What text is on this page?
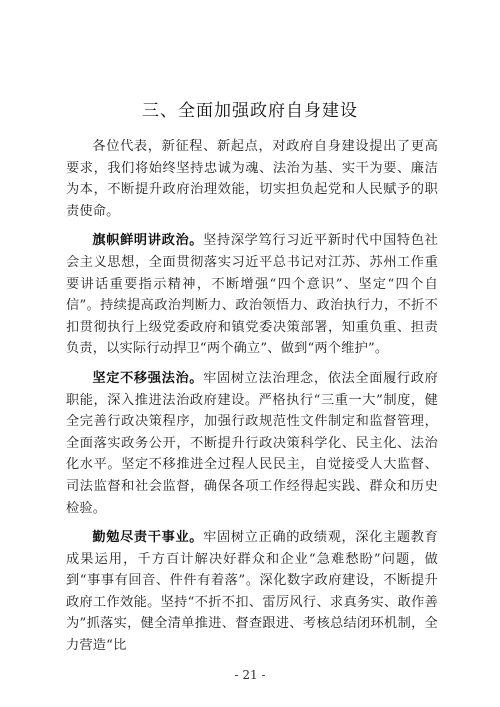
三、全面加强政府自身建设

各位代表，新征程、新起点，对政府自身建设提出了更高要求，我们将始终坚持忠诚为魂、法治为基、实干为要、廉洁为本，不断提升政府治理效能，切实担负起党和人民赋予的职责使命。

旗帜鲜明讲政治。坚持深学笃行习近平新时代中国特色社会主义思想，全面贯彻落实习近平总书记对江苏、苏州工作重要讲话重要指示精神，不断增强“四个意识”、坚定“四个自信”。持续提高政治判断力、政治领悟力、政治执行力，不折不扣贯彻执行上级党委政府和镇党委决策部署，知重负重、担责负责，以实际行动捍卫“两个确立”、做到“两个维护”。

坚定不移强法治。牢固树立法治理念，依法全面履行政府职能，深入推进法治政府建设。严格执行“三重一大”制度，健全完善行政决策程序，加强行政规范性文件制定和监督管理，全面落实政务公开，不断提升行政决策科学化、民主化、法治化水平。坚定不移推进全过程人民民主，自觉接受人大监督、司法监督和社会监督，确保各项工作经得起实践、群众和历史检验。

勤勉尽责干事业。牢固树立正确的政绩观，深化主题教育成果运用，千方百计解决好群众和企业“急难愁盼”问题，做到“事事有回音、件件有着落”。深化数字政府建设，不断提升政府工作效能。坚持“不折不扣、雷厉风行、求真务实、敢作善为”抓落实，健全清单推进、督查跟进、考核总结闭环机制，全力营造“比

- 21 -
